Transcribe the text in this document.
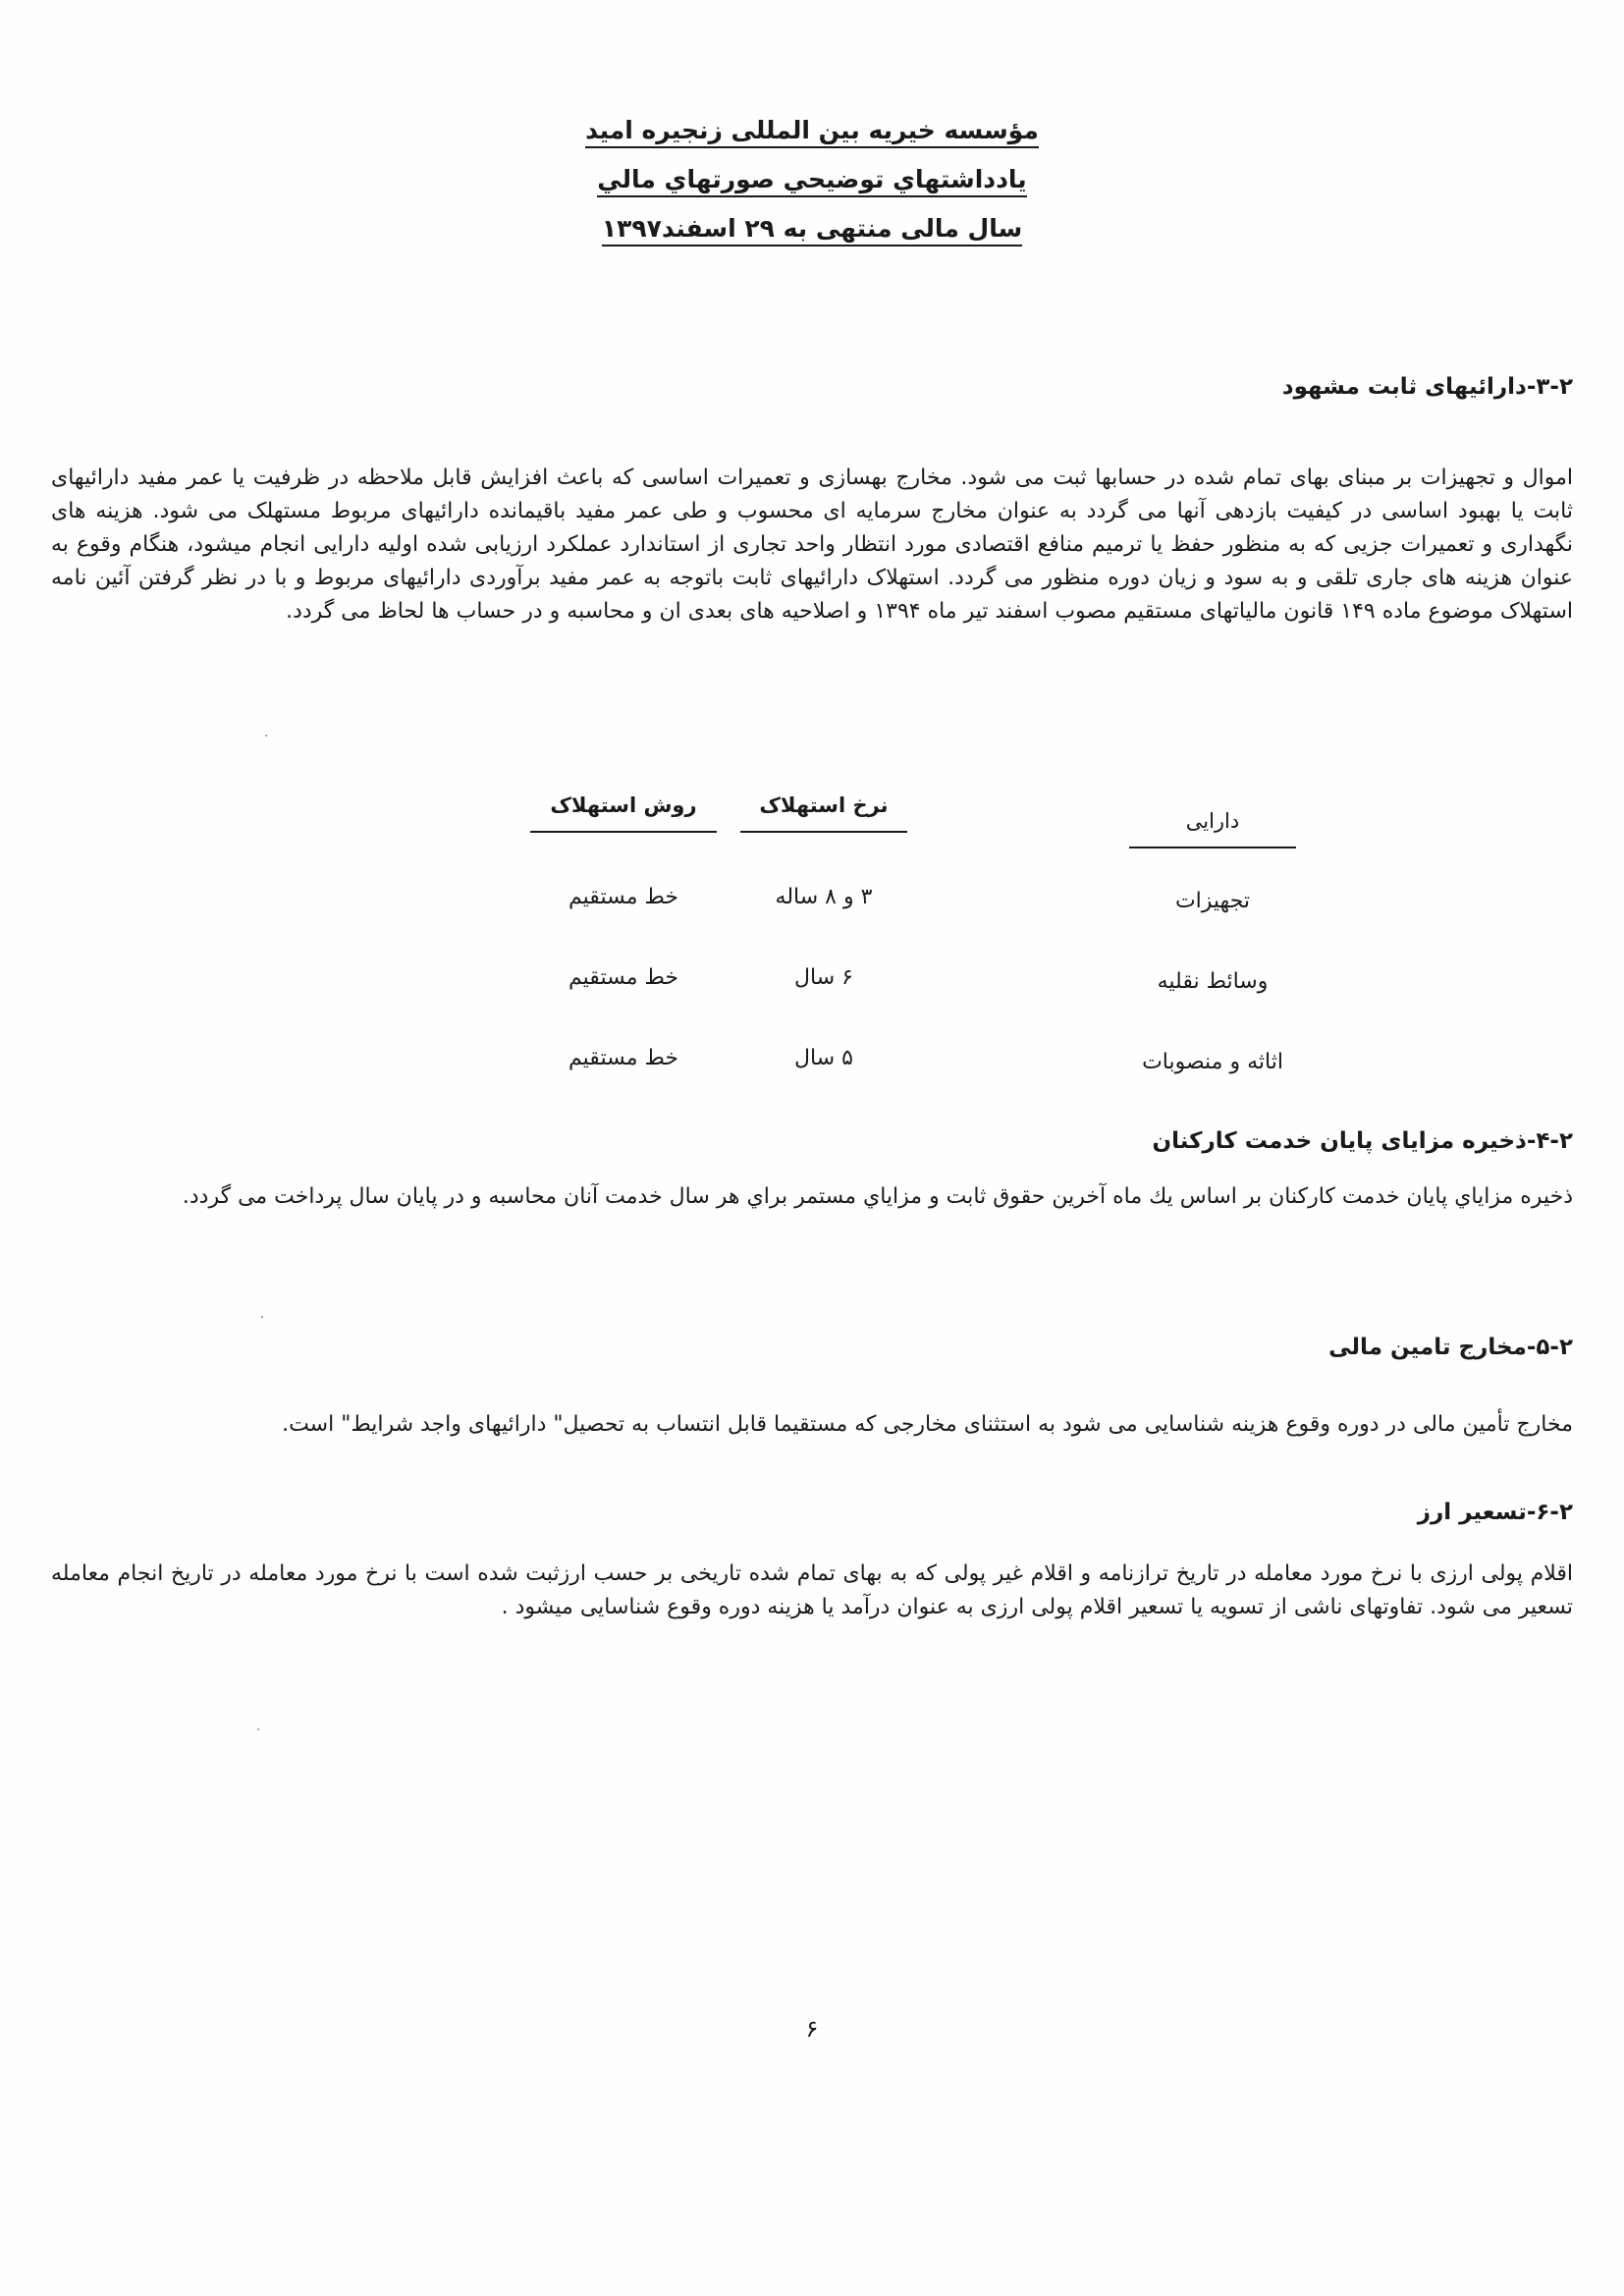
مؤسسه خیریه بین المللی زنجیره امید
يادداشتهاي توضيحي صورتهاي مالي
سال مالی منتهی به ۲۹ اسفند۱۳۹۷
۳-۲-دارائیهای ثابت مشهود
اموال و تجهیزات بر مبنای بهای تمام شده در حسابها ثبت می شود. مخارج بهسازی و تعمیرات اساسی که باعث افزایش قابل ملاحظه در ظرفیت یا عمر مفید دارائیهای ثابت یا بهبود اساسی در کیفیت بازدهی آنها می گردد به عنوان مخارج سرمایه ای محسوب و طی عمر مفید باقیمانده دارائیهای مربوط مستهلک می شود. هزینه های نگهداری و تعمیرات جزیی که به منظور حفظ یا ترمیم منافع اقتصادی مورد انتظار واحد تجاری از استاندارد عملکرد ارزیابی شده اولیه دارایی انجام میشود، هنگام وقوع به عنوان هزینه های جاری تلقی و به سود و زیان دوره منظور می گردد. استهلاک دارائیهای ثابت باتوجه به عمر مفید برآوردی دارائیهای مربوط و با در نظر گرفتن آئین نامه استهلاک موضوع ماده ۱۴۹ قانون مالیاتهای مستقیم مصوب اسفند تیر ماه ۱۳۹۴ و اصلاحیه های بعدی ان و محاسبه و در حساب ها لحاظ می گردد.
دارایی
نرخ استهلاک
روش استهلاک
تجهیزات
۳ و ۸ ساله
خط مستقیم
وسائط نقلیه
۶ سال
خط مستقیم
اثاثه و منصوبات
۵ سال
خط مستقیم
۴-۲-ذخیره مزایای پایان خدمت کارکنان
ذخیره مزاياي پايان خدمت كاركنان بر اساس يك ماه آخرين حقوق ثابت و مزاياي مستمر براي هر سال خدمت آنان محاسبه و در پايان سال پرداخت مى گردد.
۵-۲-مخارج تامین مالی
مخارج تأمین مالی در دوره وقوع هزینه شناسایی می شود به استثنای مخارجی که مستقیما قابل انتساب به تحصیل" دارائیهای واجد شرایط" است.
۶-۲-تسعیر ارز
اقلام پولی ارزی با نرخ مورد معامله در تاریخ ترازنامه و اقلام غیر پولی که به بهای تمام شده تاریخی بر حسب ارزثبت شده است با نرخ مورد معامله در تاریخ انجام معامله تسعیر می شود. تفاوتهای ناشی از تسویه یا تسعیر اقلام پولی ارزی به عنوان درآمد یا هزینه دوره وقوع شناسایی میشود .
۶
